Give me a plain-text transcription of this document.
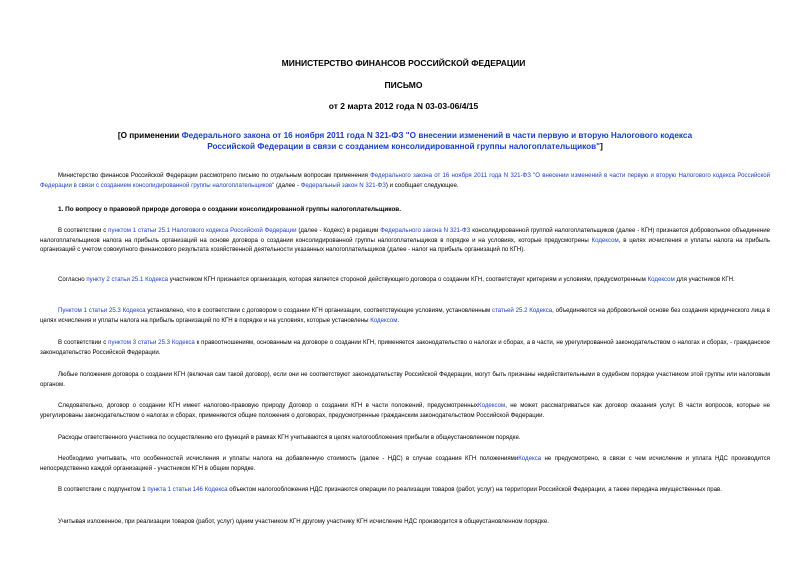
МИНИСТЕРСТВО ФИНАНСОВ РОССИЙСКОЙ ФЕДЕРАЦИИ
ПИСЬМО
от 2 марта 2012 года N 03-03-06/4/15
[О применении Федерального закона от 16 ноября 2011 года N 321-ФЗ "О внесении изменений в части первую и вторую Налогового кодекса Российской Федерации в связи с созданием консолидированной группы налогоплательщиков"]
Министерство финансов Российской Федерации рассмотрело письмо по отдельным вопросам применения Федерального закона от 16 ноября 2011 года N 321-ФЗ "О внесении изменений в части первую и вторую Налогового кодекса Российской Федерации в связи с созданием консолидированной группы налогоплательщиков" (далее - Федеральный закон N 321-ФЗ) и сообщает следующее.
1. По вопросу о правовой природе договора о создании консолидированной группы налогоплательщиков.
В соответствии с пунктом 1 статьи 25.1 Налогового кодекса Российской Федерации (далее - Кодекс) в редакции Федерального закона N 321-ФЗ консолидированной группой налогоплательщиков (далее - КГН) признается добровольное объединение налогоплательщиков налога на прибыль организаций на основе договора о создании консолидированной группы налогоплательщиков в порядке и на условиях, которые предусмотрены Кодексом, в целях исчисления и уплаты налога на прибыль организаций с учетом совокупного финансового результата хозяйственной деятельности указанных налогоплательщиков (далее - налог на прибыль организаций по КГН).
Согласно пункту 2 статьи 25.1 Кодекса участником КГН признается организация, которая является стороной действующего договора о создании КГН, соответствует критериям и условиям, предусмотренным Кодексом для участников КГН.
Пунктом 1 статьи 25.3 Кодекса установлено, что в соответствии с договором о создании КГН организации, соответствующие условиям, установленным статьей 25.2 Кодекса, объединяются на добровольной основе без создания юридического лица в целях исчисления и уплаты налога на прибыль организаций по КГН в порядке и на условиях, которые установлены Кодексом.
В соответствии с пунктом 3 статьи 25.3 Кодекса к правоотношениям, основанным на договоре о создании КГН, применяется законодательство о налогах и сборах, а в части, не урегулированной законодательством о налогах и сборах, - гражданское законодательство Российской Федерации.
Любые положения договора о создании КГН (включая сам такой договор), если они не соответствуют законодательству Российской Федерации, могут быть признаны недействительными в судебном порядке участником этой группы или налоговым органом.
Следовательно, договор о создании КГН имеет налогово-правовую природу Договор о создании КГН в части положений, предусмотренныхКодексом, не может рассматриваться как договор оказания услуг. В части вопросов, которые не урегулированы законодательством о налогах и сборах, применяются общие положения о договорах, предусмотренные гражданским законодательством Российской Федерации.
Расходы ответственного участника по осуществлению его функций в рамках КГН учитываются в целях налогообложения прибыли в общеустановленном порядке.
Необходимо учитывать, что особенностей исчисления и уплаты налога на добавленную стоимость (далее - НДС) в случае создания КГН положениямиКодекса не предусмотрено, в связи с чем исчисление и уплата НДС производится непосредственно каждой организацией - участником КГН в общем порядке.
В соответствии с подпунктом 1 пункта 1 статьи 146 Кодекса объектом налогообложения НДС признаются операции по реализации товаров (работ, услуг) на территории Российской Федерации, а также передача имущественных прав.
Учитывая изложенное, при реализации товаров (работ, услуг) одним участником КГН другому участнику КГН исчисление НДС производится в общеустановленном порядке.
